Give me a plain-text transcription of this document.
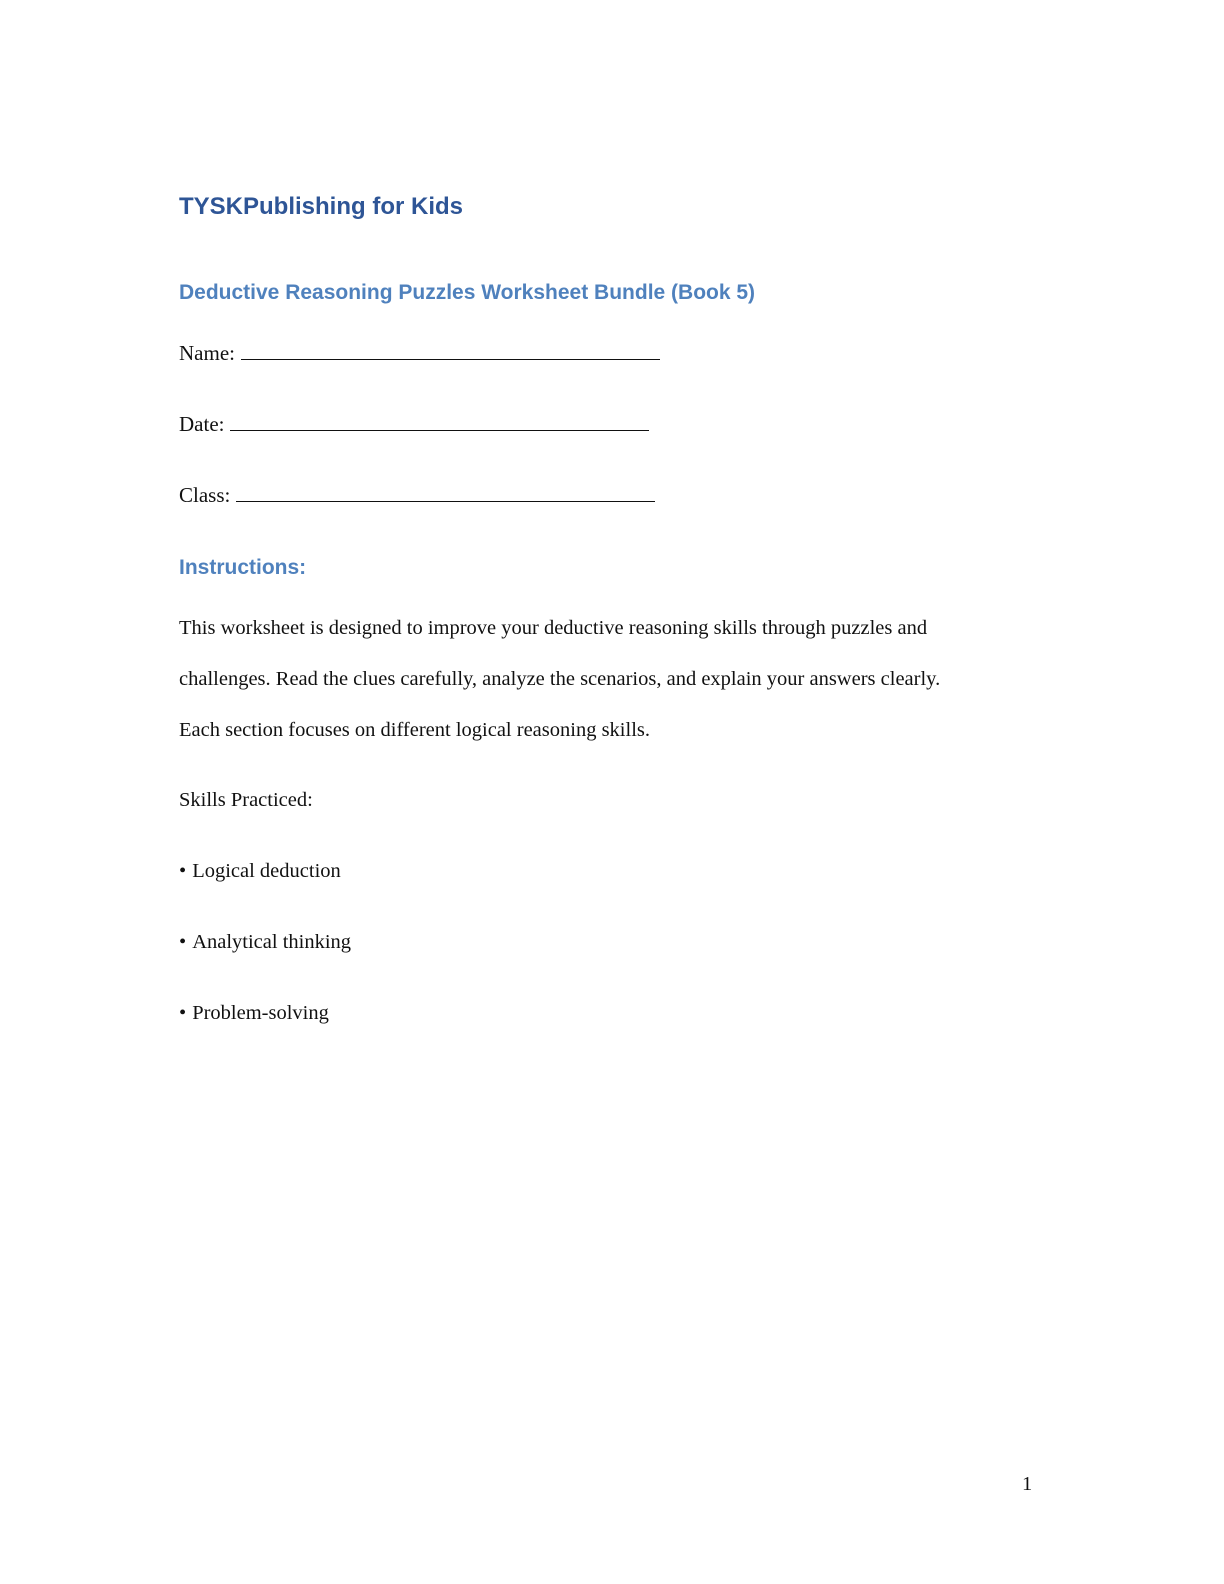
TYSKPublishing for Kids
Deductive Reasoning Puzzles Worksheet Bundle (Book 5)
Name:
Date:
Class:
Instructions:
This worksheet is designed to improve your deductive reasoning skills through puzzles and
challenges. Read the clues carefully, analyze the scenarios, and explain your answers clearly.
Each section focuses on different logical reasoning skills.
Skills Practiced:
• Logical deduction
• Analytical thinking
• Problem-solving
1
